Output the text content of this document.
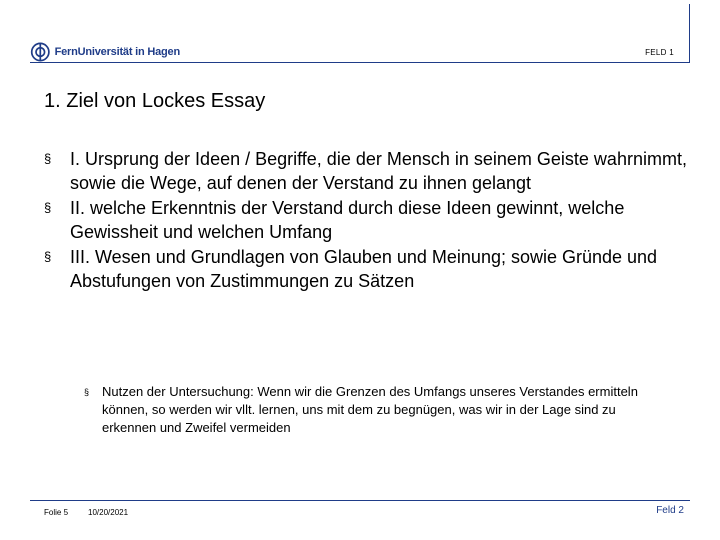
FernUniversität in Hagen	FELD 1
1. Ziel von Lockes Essay
§ I. Ursprung der Ideen / Begriffe, die der Mensch in seinem Geiste wahrnimmt, sowie die Wege, auf denen der Verstand zu ihnen gelangt
§ II. welche Erkenntnis der Verstand durch diese Ideen gewinnt, welche Gewissheit und welchen Umfang
§ III. Wesen und Grundlagen von Glauben und Meinung; sowie Gründe und Abstufungen von Zustimmungen zu Sätzen
§ Nutzen der Untersuchung: Wenn wir die Grenzen des Umfangs unseres Verstandes ermitteln können, so werden wir vllt. lernen, uns mit dem zu begnügen, was wir in der Lage sind zu erkennen und Zweifel vermeiden
Folie 5 10/20/2021	Feld 2
